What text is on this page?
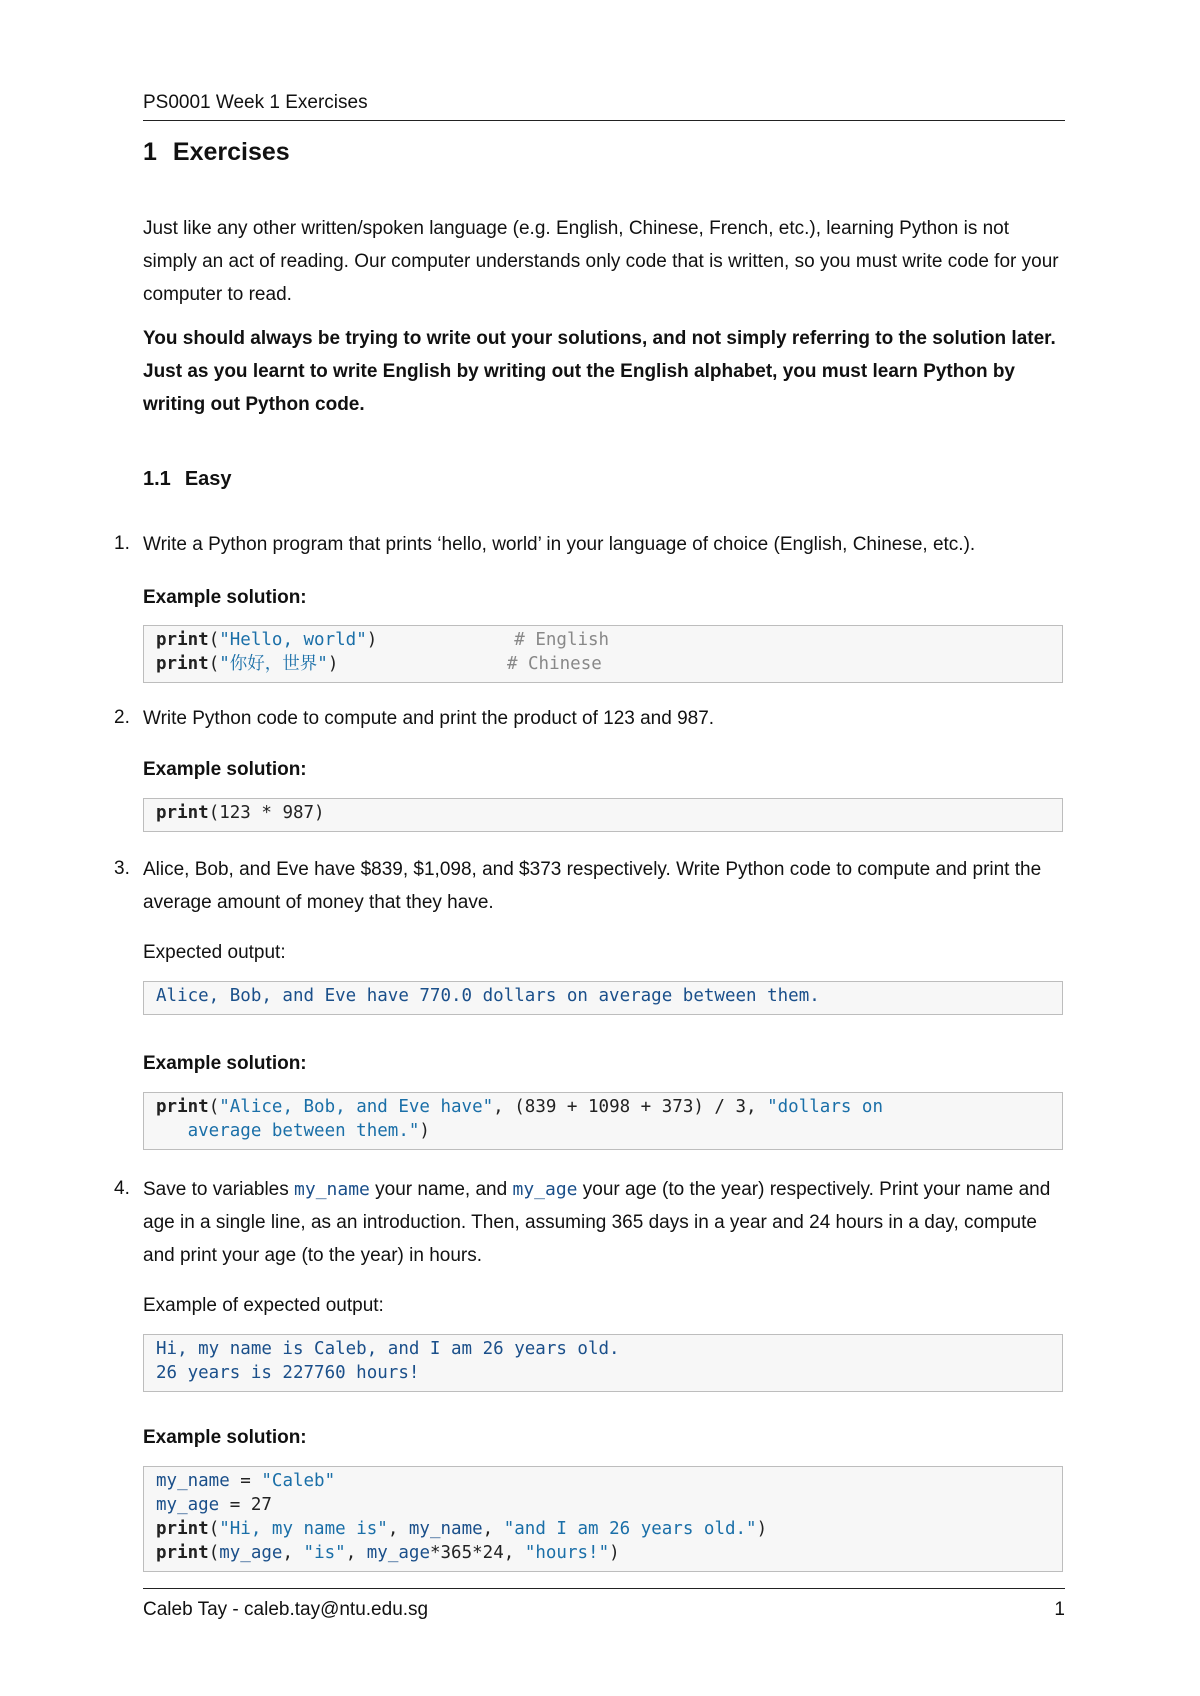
PS0001 Week 1 Exercises
1 Exercises

Just like any other written/spoken language (e.g. English, Chinese, French, etc.), learning Python is not simply an act of reading. Our computer understands only code that is written, so you must write code for your computer to read.

You should always be trying to write out your solutions, and not simply referring to the solution later. Just as you learnt to write English by writing out the English alphabet, you must learn Python by writing out Python code.

1.1 Easy
1. Write a Python program that prints ‘hello, world’ in your language of choice (English, Chinese, etc.).

Example solution:

print("Hello, world")	# English
print("你好，世界")	# Chinese
2. Write Python code to compute and print the product of 123 and 987.

Example solution:

print(123 * 987)
3. Alice, Bob, and Eve have $839, $1,098, and $373 respectively. Write Python code to compute and print the average amount of money that they have.

Expected output:

Alice, Bob, and Eve have 770.0 dollars on average between them.

Example solution:

print("Alice, Bob, and Eve have", (839 + 1098 + 373) / 3, "dollars on
average between them.")
4. Save to variables my_name your name, and my_age your age (to the year) respectively. Print your name and age in a single line, as an introduction. Then, assuming 365 days in a year and 24 hours in a day, compute and print your age (to the year) in hours.

Example of expected output:

Hi, my name is Caleb, and I am 26 years old.
26 years is 227760 hours!

Example solution:

my_name = "Caleb"
my_age = 27
print("Hi, my name is", my_name, "and I am 26 years old.")
print(my_age, "is", my_age*365*24, "hours!")
Caleb Tay - caleb.tay@ntu.edu.sg	1
